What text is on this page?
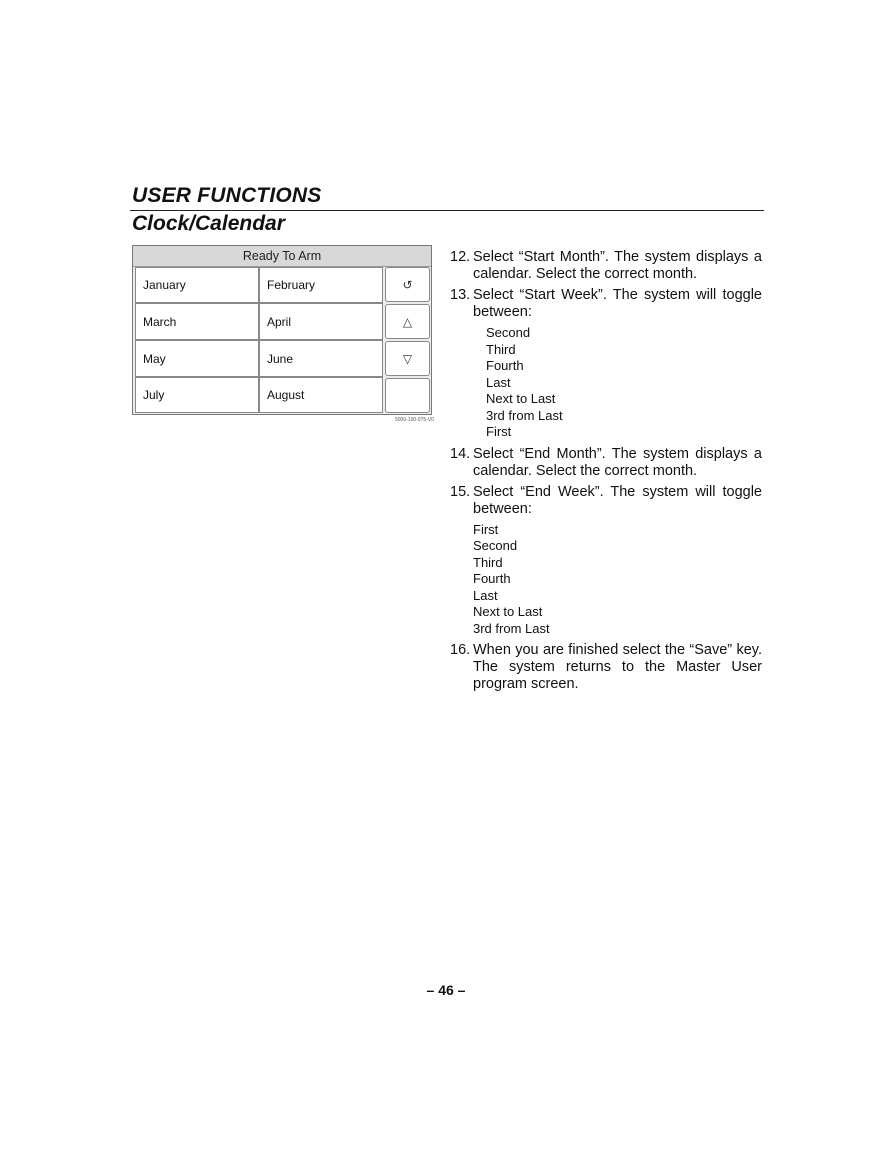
USER FUNCTIONS
Clock/Calendar
Ready To Arm
January	February
March	April
May	June
July	August
↺
△
▽
5000-100-075-V0
12. Select “Start Month”. The system displays a calendar. Select the correct month.
13. Select “Start Week”. The system will toggle between:
Second
Third
Fourth
Last
Next to Last
3rd from Last
First
14. Select “End Month”. The system displays a calendar. Select the correct month.
15. Select “End Week”. The system will toggle between:
First
Second
Third
Fourth
Last
Next to Last
3rd from Last
16. When you are finished select the “Save” key. The system returns to the Master User program screen.
– 46 –
